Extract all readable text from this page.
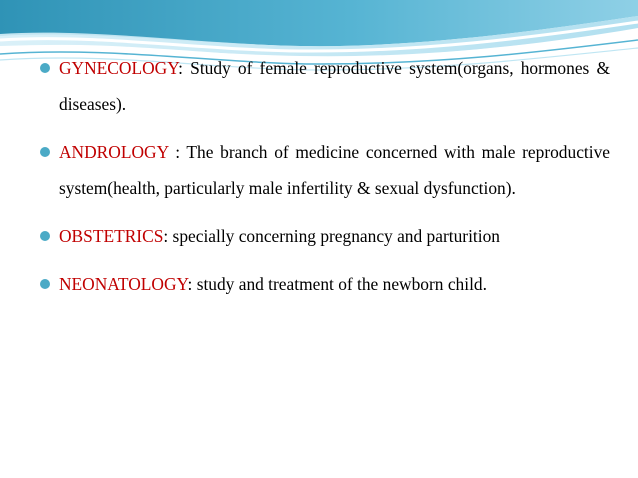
GYNECOLOGY: Study of female reproductive system(organs, hormones & diseases).
ANDROLOGY : The branch of medicine concerned with male reproductive system(health, particularly male infertility & sexual dysfunction).
OBSTETRICS: specially concerning pregnancy and parturition
NEONATOLOGY: study and treatment of the newborn child.
